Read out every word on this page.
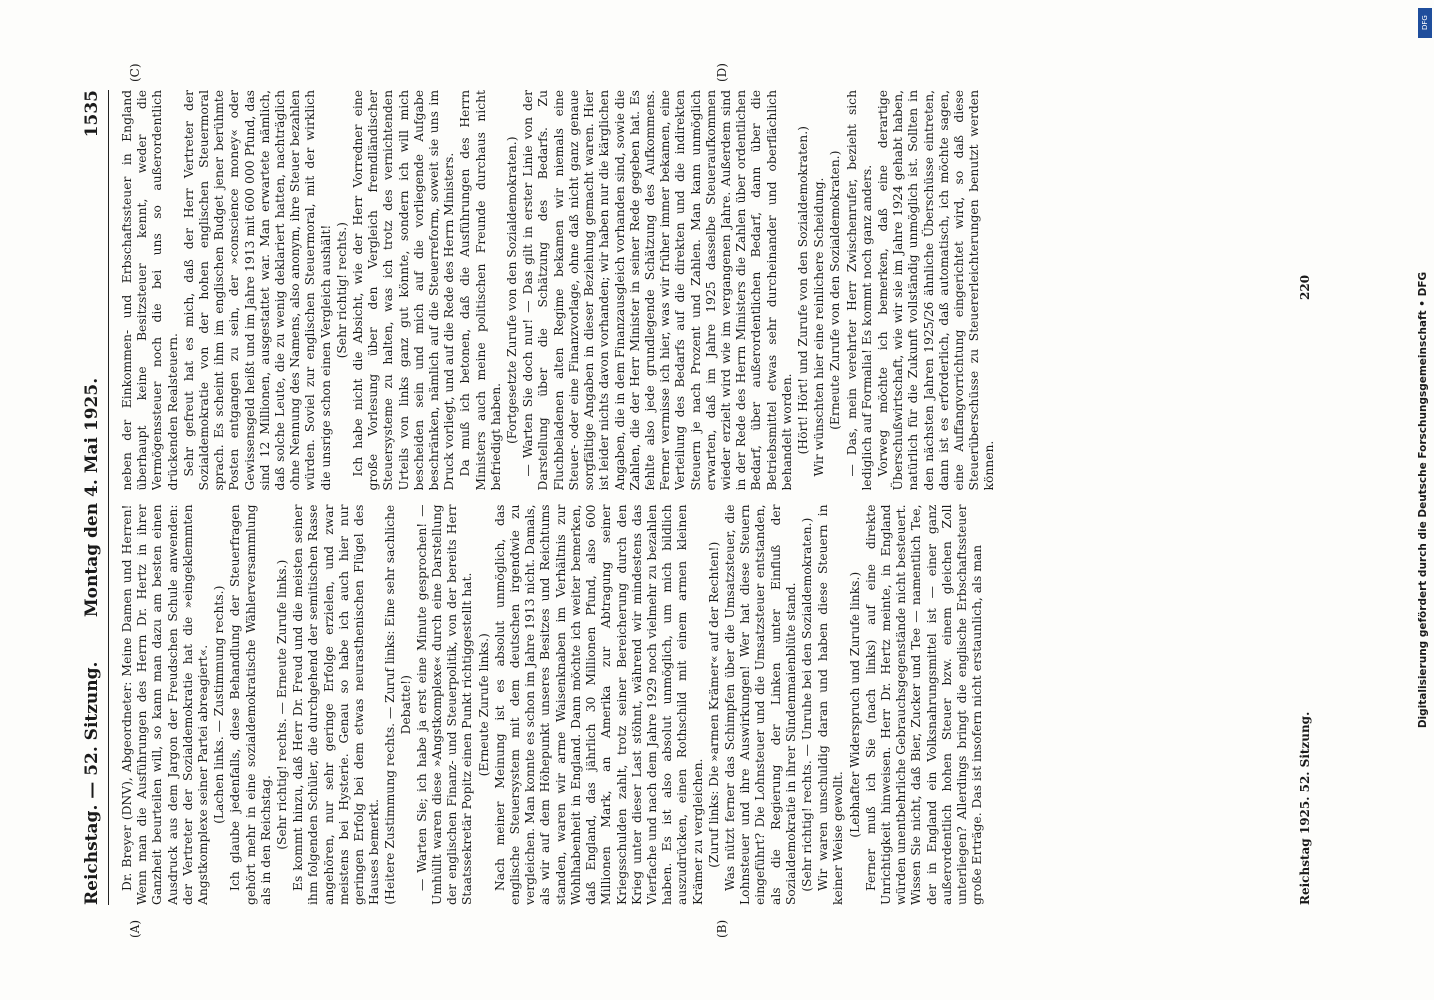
Reichstag. — 52. Sitzung.
Montag den 4. Mai 1925.
1535
(A)	(B)
(C)	(D)

Dr. Breyer (DNV), Abgeordneter: Meine Damen und Herren! Wenn man die Ausführungen des Herrn Dr. Hertz in ihrer Ganzheit beurteilen will, so kann man dazu am besten einen Ausdruck aus dem Jargon der Freudschen Schule anwenden: der Vertreter der Sozialdemokratie hat die »eingeklemmten Angstkomplexe seiner Partei abreagiert«. (Lachen links. — Zustimmung rechts.) Ich glaube jedenfalls, diese Behandlung der Steuerfragen gehört mehr in eine sozialdemokratische Wählerversammlung als in den Reichstag. (Sehr richtig! rechts. — Erneute Zurufe links.) Es kommt hinzu, daß Herr Dr. Freud und die meisten seiner ihm folgenden Schüler, die durchgehend der semitischen Rasse angehören, nur sehr geringe Erfolge erzielen, und zwar meistens bei Hysterie. Genau so habe ich auch hier nur geringen Erfolg bei dem etwas neurasthenischen Flügel des Hauses bemerkt. (Heitere Zustimmung rechts. — Zuruf links: Eine sehr sachliche Debatte!) — Warten Sie; ich habe ja erst eine Minute gesprochen! — Umhüllt waren diese »Angstkomplexe« durch eine Darstellung der englischen Finanz- und Steuerpolitik, von der bereits Herr Staatssekretär Popitz einen Punkt richtiggestellt hat. (Erneute Zurufe links.) Nach meiner Meinung ist es absolut unmöglich, das englische Steuersystem mit dem deutschen irgendwie zu vergleichen. Man konnte es schon im Jahre 1913 nicht. Damals, als wir auf dem Höhepunkt unseres Besitzes und Reichtums standen, waren wir arme Waisenknaben im Verhältnis zur Wohlhabenheit in England. Dann möchte ich weiter bemerken, daß England, das jährlich 30 Millionen Pfund, also 600 Millionen Mark, an Amerika zur Abtragung seiner Kriegsschulden zahlt, trotz seiner Bereicherung durch den Krieg unter dieser Last stöhnt, während wir mindestens das Vierfache und nach dem Jahre 1929 noch vielmehr zu bezahlen haben. Es ist also absolut unmöglich, um mich bildlich auszudrücken, einen Rothschild mit einem armen kleinen Krämer zu vergleichen. (Zuruf links: Die »armen Krämer« auf der Rechten!) Was nützt ferner das Schimpfen über die Umsatzsteuer, die Lohnsteuer und ihre Auswirkungen! Wer hat diese Steuern eingeführt? Die Lohnsteuer und die Umsatzsteuer entstanden, als die Regierung der Linken unter Einfluß der Sozialdemokratie in ihrer Sündenmaienblüte stand. (Sehr richtig! rechts. — Unruhe bei den Sozialdemokraten.) Wir waren unschuldig daran und haben diese Steuern in keiner Weise gewollt.

(Lebhafter Widerspruch und Zurufe links.) Ferner muß ich Sie (nach links) auf eine direkte Unrichtigkeit hinweisen. Herr Dr. Hertz meinte, in England würden unentbehrliche Gebrauchsgegenstände nicht besteuert. Wissen Sie nicht, daß Bier, Zucker und Tee — namentlich Tee, der in England ein Volksnahrungsmittel ist — einer ganz außerordentlich hohen Steuer bzw. einem gleichen Zoll unterliegen? Allerdings bringt die englische Erbschaftssteuer große Erträge. Das ist insofern nicht erstaunlich, als man

neben der Einkommen- und Erbschaftssteuer in England überhaupt keine Besitzsteuer kennt, weder die Vermögenssteuer noch die bei uns so außerordentlich drückenden Realsteuern. Sehr gefreut hat es mich, daß der Herr Vertreter der Sozialdemokratie von der hohen englischen Steuermoral sprach. Es scheint ihm im englischen Budget jener berühmte Posten entgangen zu sein, der »conscience money« oder Gewissensgeld heißt und im Jahre 1913 mit 600 000 Pfund, das sind 12 Millionen, ausgestattet war. Man erwartete nämlich, daß solche Leute, die zu wenig deklariert hatten, nachträglich ohne Nennung des Namens, also anonym, ihre Steuer bezahlen würden. Soviel zur englischen Steuermoral, mit der wirklich die unsrige schon einen Vergleich aushält! (Sehr richtig! rechts.) Ich habe nicht die Absicht, wie der Herr Vorredner eine große Vorlesung über den Vergleich fremdländischer Steuersysteme zu halten, was ich trotz des vernichtenden Urteils von links ganz gut könnte, sondern ich will mich bescheiden sein und mich auf die vorliegende Aufgabe beschränken, nämlich auf die Steuerreform, soweit sie uns im Druck vorliegt, und auf die Rede des Herrn Ministers. Da muß ich betonen, daß die Ausführungen des Herrn Ministers auch meine politischen Freunde durchaus nicht befriedigt haben. (Fortgesetzte Zurufe von den Sozialdemokraten.) — Warten Sie doch nur! — Das gilt in erster Linie von der Darstellung über die Schätzung des Bedarfs. Zu Fluchbeladenen alten Regime bekamen wir niemals eine Steuer- oder eine Finanzvorlage, ohne daß nicht ganz genaue sorgfältige Angaben in dieser Beziehung gemacht waren. Hier ist leider nichts davon vorhanden; wir haben nur die kärglichen Angaben, die in dem Finanzausgleich vorhanden sind, sowie die Zahlen, die der Herr Minister in seiner Rede gegeben hat. Es fehlte also jede grundlegende Schätzung des Aufkommens. Ferner vermisse ich hier, was wir früher immer bekamen, eine Verteilung des Bedarfs auf die direkten und die indirekten Steuern je nach Prozent und Zahlen. Man kann unmöglich erwarten, daß im Jahre 1925 dasselbe Steueraufkommen wieder erzielt wird wie im vergangenen Jahre. Außerdem sind in der Rede des Herrn Ministers die Zahlen über ordentlichen Bedarf, über außerordentlichen Bedarf, dann über die Betriebsmittel etwas sehr durcheinander und oberflächlich behandelt worden. (Hört! Hört! und Zurufe von den Sozialdemokraten.) Wir wünschten hier eine reinlichere Scheidung. (Erneute Zurufe von den Sozialdemokraten.) — Das, mein verehrter Herr Zwischenrufer, bezieht sich lediglich auf Formalia! Es kommt noch ganz anders. Vorweg möchte ich bemerken, daß eine derartige Überschußwirtschaft, wie wir sie im Jahre 1924 gehabt haben, natürlich für die Zukunft vollständig unmöglich ist. Sollten in den nächsten Jahren 1925/26 ähnliche Überschüsse eintreten, dann ist es erforderlich, daß automatisch, ich möchte sagen, eine Auffangvorrichtung eingerichtet wird, so daß diese Steuerüberschüsse zu Steuererleichterungen benutzt werden können.

Reichstag 1925. 52. Sitzung.
220
DFG
Digitalisierung gefördert durch die Deutsche Forschungsgemeinschaft • DFG
